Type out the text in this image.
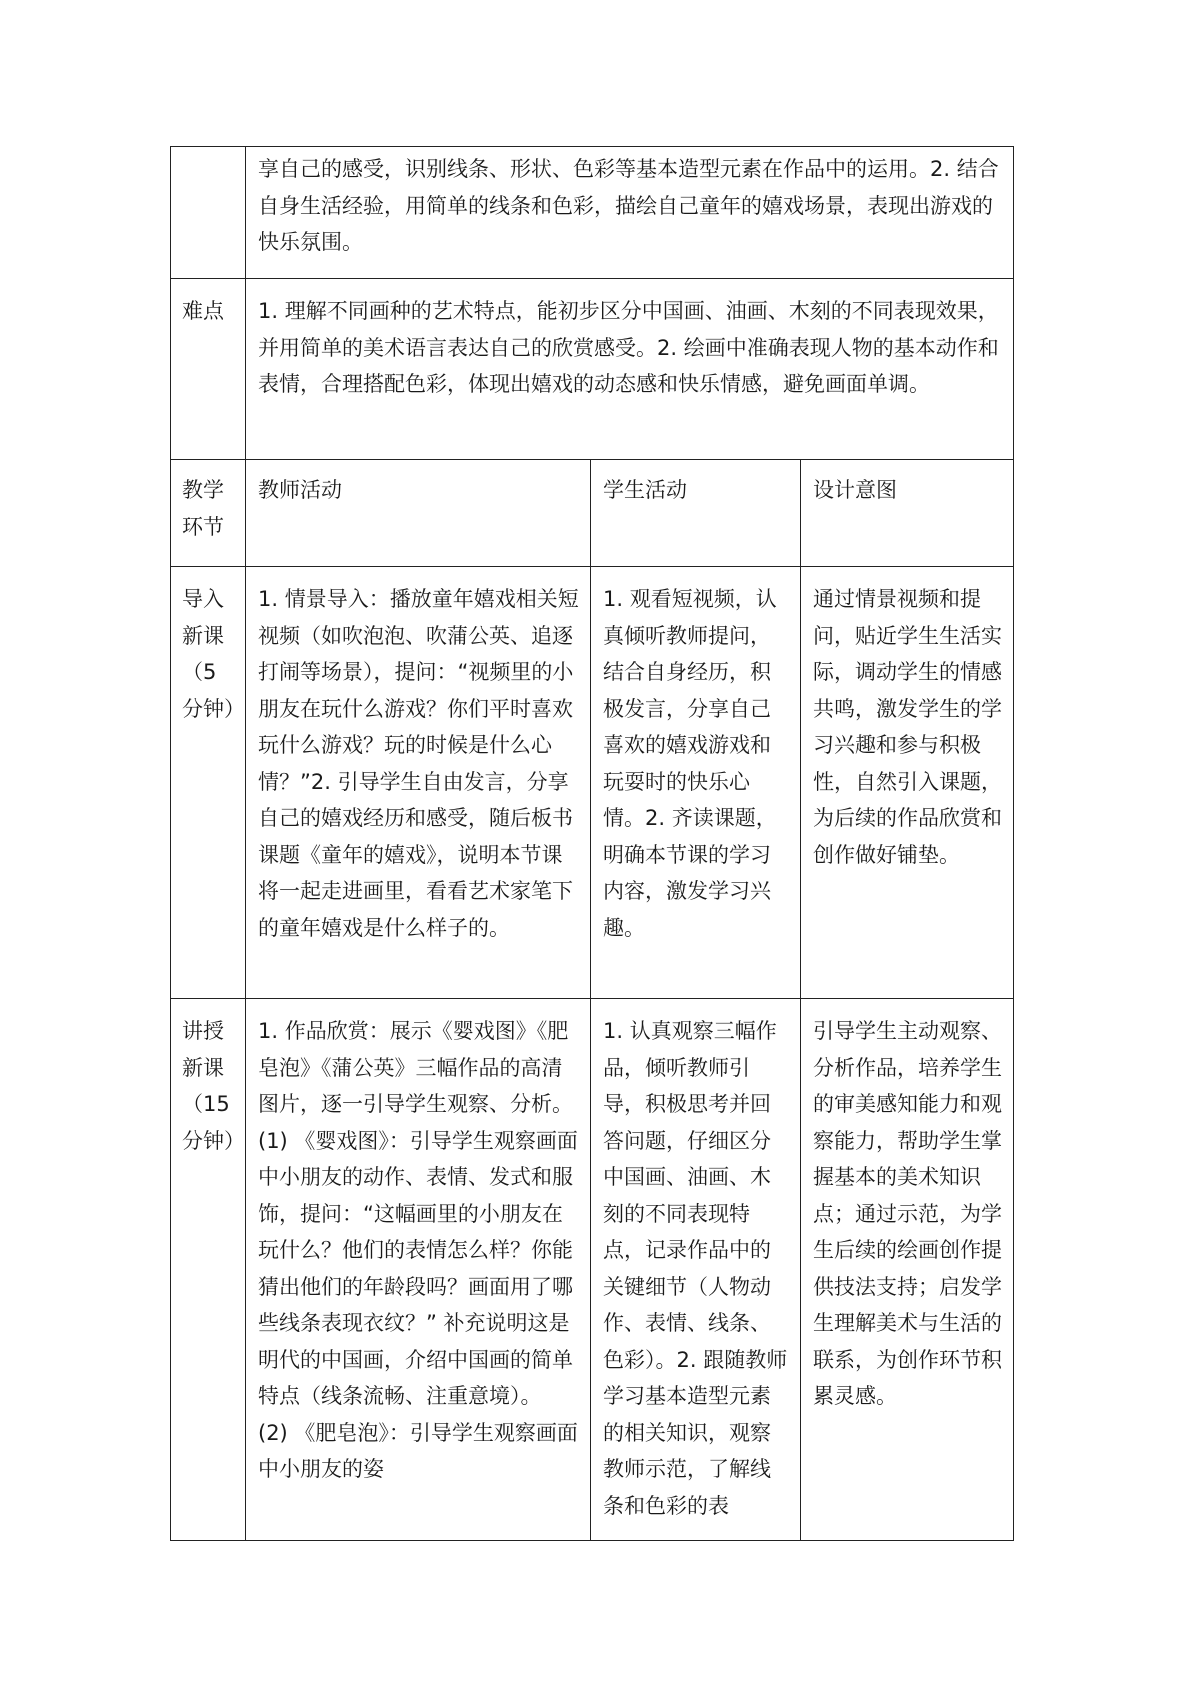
	享自己的感受，识别线条、形状、色彩等基本造型元素在作品中的运用。2. 结合自身生活经验，用简单的线条和色彩，描绘自己童年的嬉戏场景，表现出游戏的快乐氛围。		

难点	1. 理解不同画种的艺术特点，能初步区分中国画、油画、木刻的不同表现效果，并用简单的美术语言表达自己的欣赏感受。2. 绘画中准确表现人物的基本动作和表情，合理搭配色彩，体现出嬉戏的动态感和快乐情感，避免画面单调。		

教学环节	教师活动	学生活动	设计意图

导入新课（5分钟）	1. 情景导入：播放童年嬉戏相关短视频（如吹泡泡、吹蒲公英、追逐打闹等场景），提问：“视频里的小朋友在玩什么游戏？你们平时喜欢玩什么游戏？玩的时候是什么心情？”2. 引导学生自由发言，分享自己的嬉戏经历和感受，随后板书课题《童年的嬉戏》，说明本节课将一起走进画里，看看艺术家笔下的童年嬉戏是什么样子的。	1. 观看短视频，认真倾听教师提问，结合自身经历，积极发言，分享自己喜欢的嬉戏游戏和玩耍时的快乐心情。2. 齐读课题，明确本节课的学习内容，激发学习兴趣。	通过情景视频和提问，贴近学生生活实际，调动学生的情感共鸣，激发学生的学习兴趣和参与积极性，自然引入课题，为后续的作品欣赏和创作做好铺垫。

讲授新课（15分钟）	1. 作品欣赏：展示《婴戏图》《肥皂泡》《蒲公英》三幅作品的高清图片，逐一引导学生观察、分析。      (1) 《婴戏图》：引导学生观察画面中小朋友的动作、表情、发式和服饰，提问：“这幅画里的小朋友在玩什么？他们的表情怎么样？你能猜出他们的年龄段吗？画面用了哪些线条表现衣纹？” 补充说明这是明代的中国画，介绍中国画的简单特点（线条流畅、注重意境）。      (2) 《肥皂泡》：引导学生观察画面中小朋友的姿	1. 认真观察三幅作品，倾听教师引导，积极思考并回答问题，仔细区分中国画、油画、木刻的不同表现特点，记录作品中的关键细节（人物动作、表情、线条、色彩）。2. 跟随教师学习基本造型元素的相关知识，观察教师示范，了解线条和色彩的表	引导学生主动观察、分析作品，培养学生的审美感知能力和观察能力，帮助学生掌握基本的美术知识点；通过示范，为学生后续的绘画创作提供技法支持；启发学生理解美术与生活的联系，为创作环节积累灵感。
